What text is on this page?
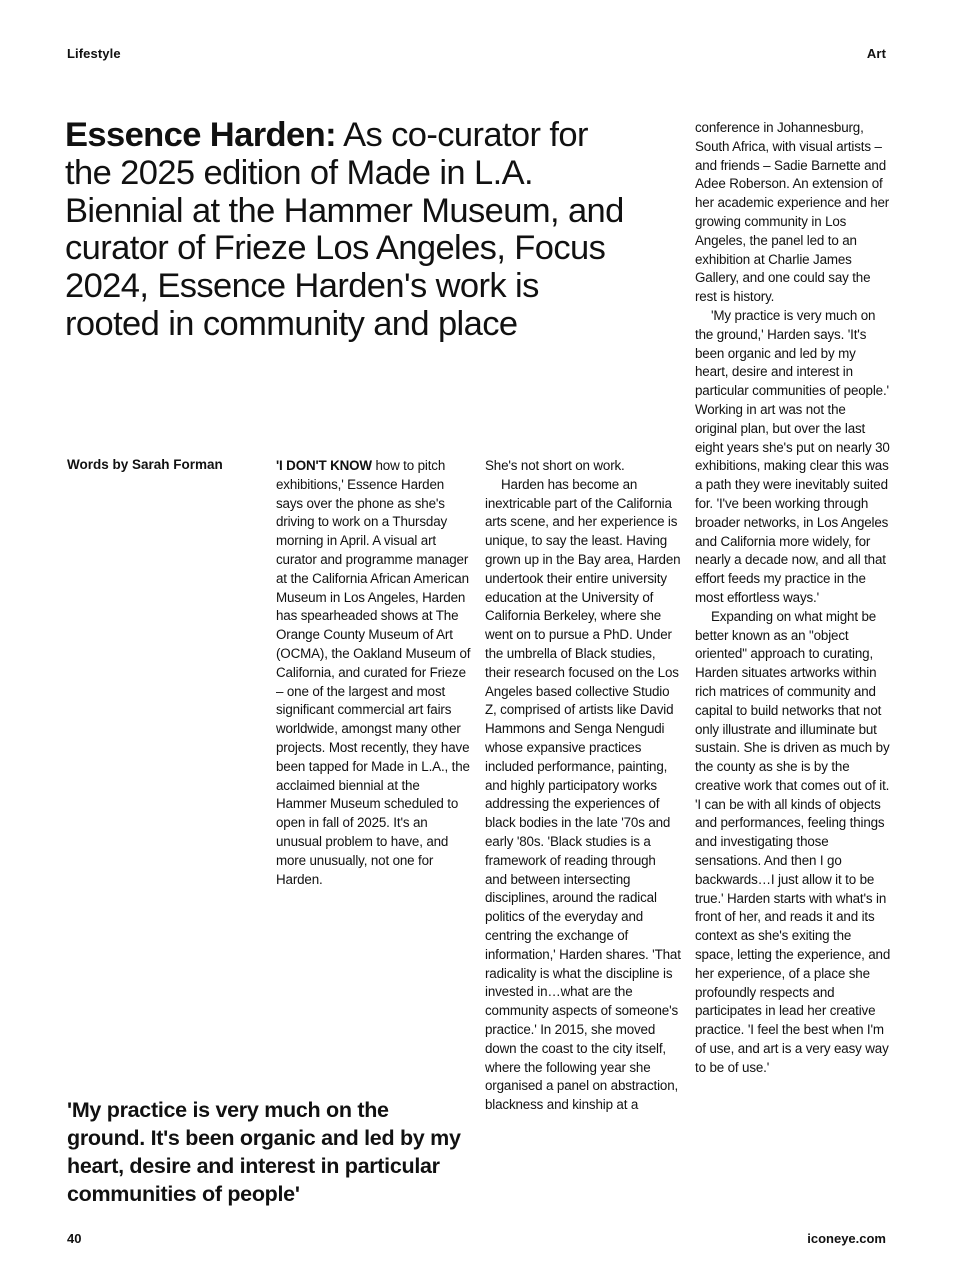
Lifestyle	Art
Essence Harden: As co-curator for the 2025 edition of Made in L.A. Biennial at the Hammer Museum, and curator of Frieze Los Angeles, Focus 2024, Essence Harden's work is rooted in community and place
Words by Sarah Forman	'I DON'T KNOW how to pitch exhibitions,' Essence Harden says over the phone as she's driving to work on a Thursday morning in April. A visual art curator and programme manager at the California African American Museum in Los Angeles, Harden has spearheaded shows at The Orange County Museum of Art (OCMA), the Oakland Museum of California, and curated for Frieze – one of the largest and most significant commercial art fairs worldwide, amongst many other projects. Most recently, they have been tapped for Made in L.A., the acclaimed biennial at the Hammer Museum scheduled to open in fall of 2025. It's an unusual problem to have, and more unusually, not one for Harden.

She's not short on work.

Harden has become an inextricable part of the California arts scene, and her experience is unique, to say the least. Having grown up in the Bay area, Harden undertook their entire university education at the University of California Berkeley, where she went on to pursue a PhD. Under the umbrella of Black studies, their research focused on the Los Angeles based collective Studio Z, comprised of artists like David Hammons and Senga Nengudi whose expansive practices included performance, painting, and highly participatory works addressing the experiences of black bodies in the late '70s and early '80s. 'Black studies is a framework of reading through and between intersecting disciplines, around the radical politics of the everyday and centring the exchange of information,' Harden shares. 'That radicality is what the discipline is invested in…what are the community aspects of someone's practice.' In 2015, she moved down the coast to the city itself, where the following year she organised a panel on abstraction, blackness and kinship at a

conference in Johannesburg, South Africa, with visual artists – and friends – Sadie Barnette and Adee Roberson. An extension of her academic experience and her growing community in Los Angeles, the panel led to an exhibition at Charlie James Gallery, and one could say the rest is history.

'My practice is very much on the ground,' Harden says. 'It's been organic and led by my heart, desire and interest in particular communities of people.' Working in art was not the original plan, but over the last eight years she's put on nearly 30 exhibitions, making clear this was a path they were inevitably suited for. 'I've been working through broader networks, in Los Angeles and California more widely, for nearly a decade now, and all that effort feeds my practice in the most effortless ways.'

Expanding on what might be better known as an "object oriented" approach to curating, Harden situates artworks within rich matrices of community and capital to build networks that not only illustrate and illuminate but sustain. She is driven as much by the county as she is by the creative work that comes out of it. 'I can be with all kinds of objects and performances, feeling things and investigating those sensations. And then I go backwards…I just allow it to be true.' Harden starts with what's in front of her, and reads it and its context as she's exiting the space, letting the experience, and her experience, of a place she profoundly respects and participates in lead her creative practice. 'I feel the best when I'm of use, and art is a very easy way to be of use.'

'My practice is very much on the ground. It's been organic and led by my heart, desire and interest in particular communities of people'

40	iconeye.com
